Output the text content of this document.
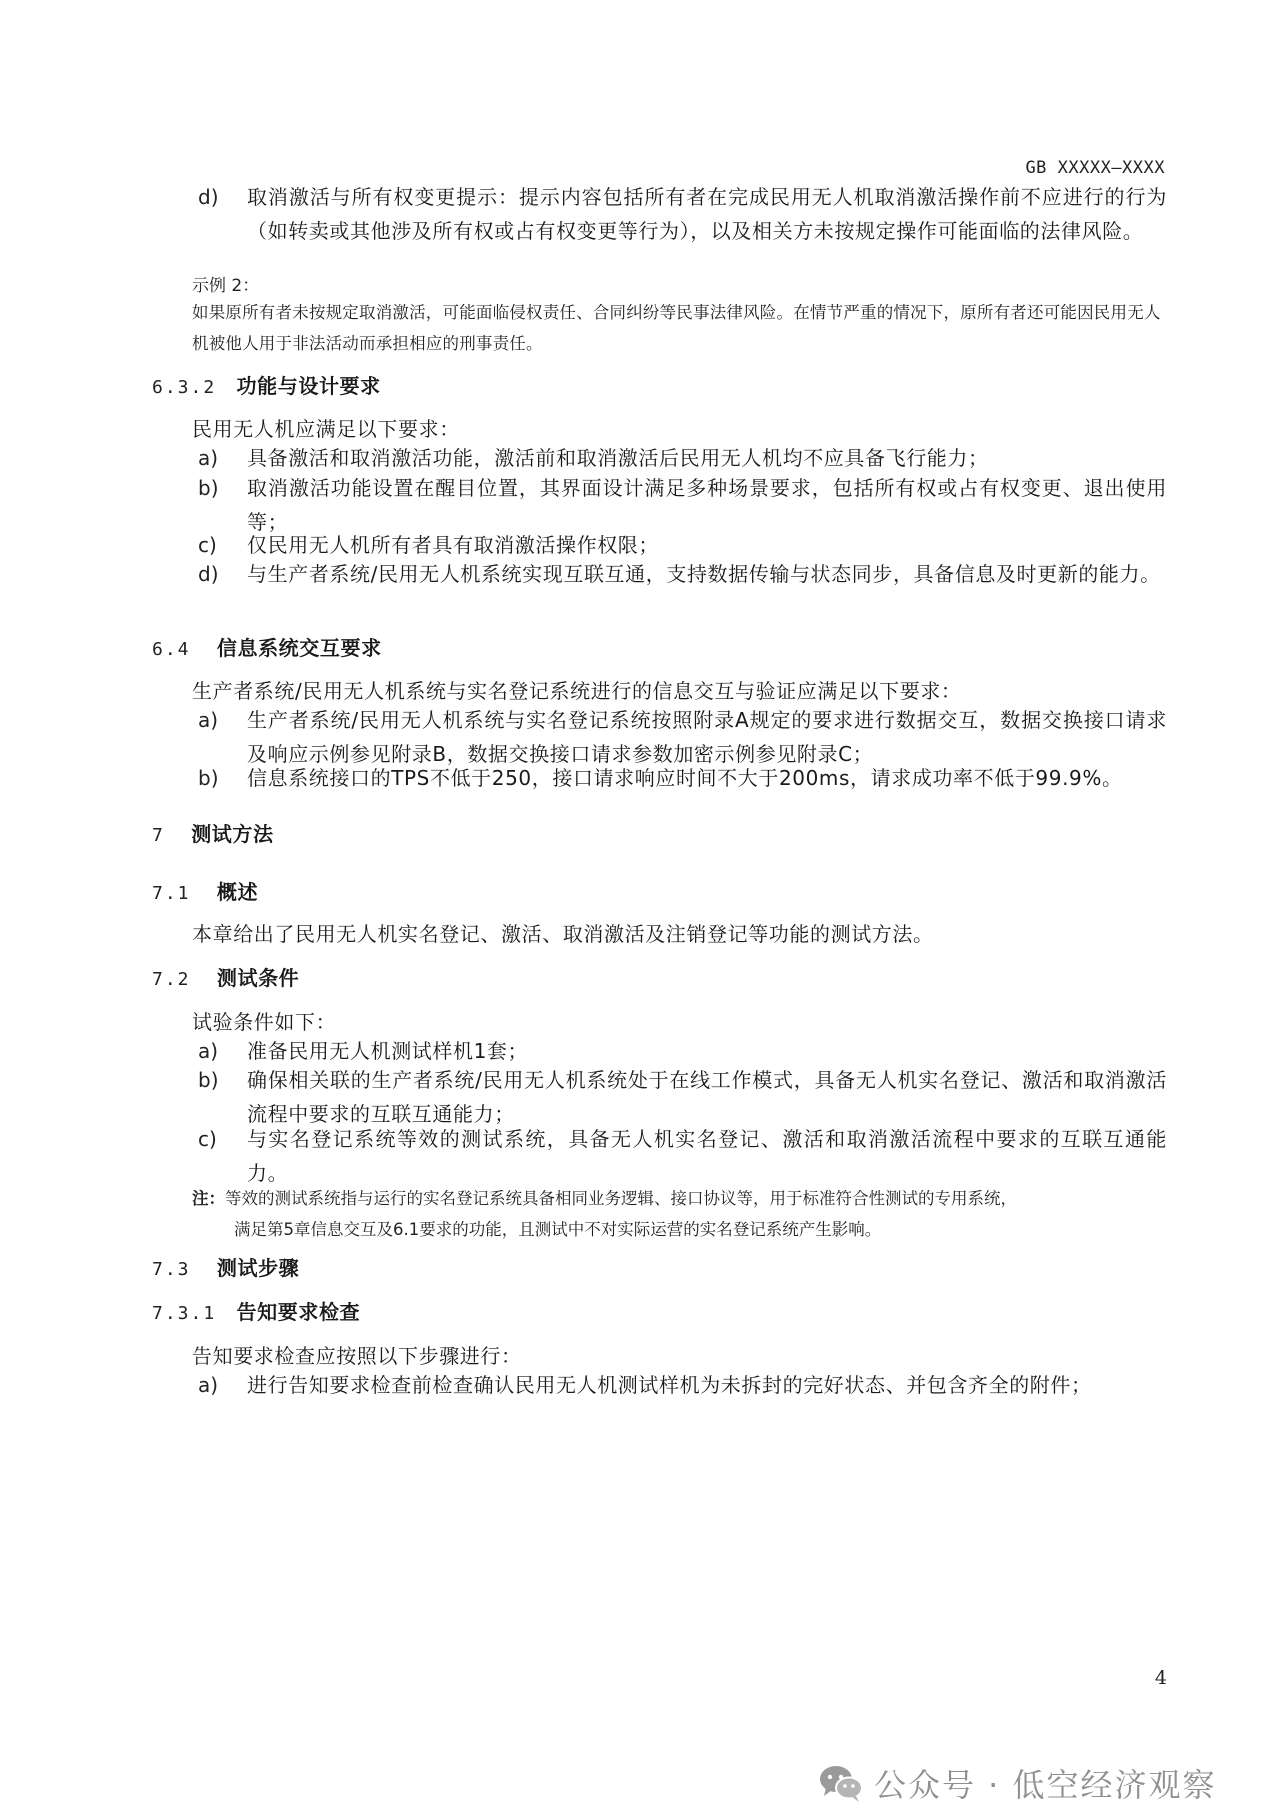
GB XXXXX—XXXX
d) 取消激活与所有权变更提示：提示内容包括所有者在完成民用无人机取消激活操作前不应进行的行为（如转卖或其他涉及所有权或占有权变更等行为），以及相关方未按规定操作可能面临的法律风险。
示例 2：
如果原所有者未按规定取消激活，可能面临侵权责任、合同纠纷等民事法律风险。在情节严重的情况下，原所有者还可能因民用无人机被他人用于非法活动而承担相应的刑事责任。
6.3.2 功能与设计要求
民用无人机应满足以下要求：
a) 具备激活和取消激活功能，激活前和取消激活后民用无人机均不应具备飞行能力；
b) 取消激活功能设置在醒目位置，其界面设计满足多种场景要求，包括所有权或占有权变更、退出使用等；
c) 仅民用无人机所有者具有取消激活操作权限；
d) 与生产者系统/民用无人机系统实现互联互通，支持数据传输与状态同步，具备信息及时更新的能力。
6.4 信息系统交互要求
生产者系统/民用无人机系统与实名登记系统进行的信息交互与验证应满足以下要求：
a) 生产者系统/民用无人机系统与实名登记系统按照附录A规定的要求进行数据交互，数据交换接口请求及响应示例参见附录B，数据交换接口请求参数加密示例参见附录C；
b) 信息系统接口的TPS不低于250，接口请求响应时间不大于200ms，请求成功率不低于99.9%。
7 测试方法
7.1 概述
本章给出了民用无人机实名登记、激活、取消激活及注销登记等功能的测试方法。
7.2 测试条件
试验条件如下：
a) 准备民用无人机测试样机1套；
b) 确保相关联的生产者系统/民用无人机系统处于在线工作模式，具备无人机实名登记、激活和取消激活流程中要求的互联互通能力；
c) 与实名登记系统等效的测试系统，具备无人机实名登记、激活和取消激活流程中要求的互联互通能力。
注：等效的测试系统指与运行的实名登记系统具备相同业务逻辑、接口协议等，用于标准符合性测试的专用系统，
满足第5章信息交互及6.1要求的功能，且测试中不对实际运营的实名登记系统产生影响。
7.3 测试步骤
7.3.1 告知要求检查
告知要求检查应按照以下步骤进行：
a) 进行告知要求检查前检查确认民用无人机测试样机为未拆封的完好状态、并包含齐全的附件；
4
公众号 · 低空经济观察
